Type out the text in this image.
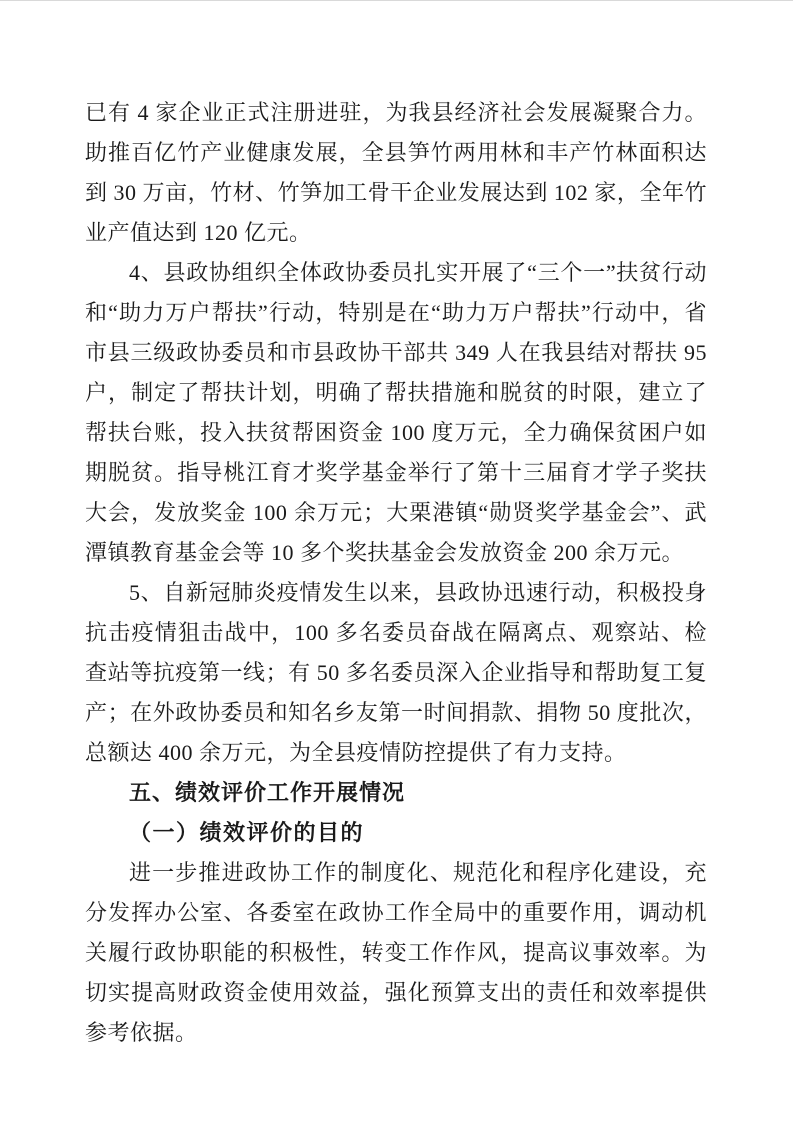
已有 4 家企业正式注册进驻，为我县经济社会发展凝聚合力。助推百亿竹产业健康发展，全县笋竹两用林和丰产竹林面积达到 30 万亩，竹材、竹笋加工骨干企业发展达到 102 家，全年竹业产值达到 120 亿元。

4、县政协组织全体政协委员扎实开展了“三个一”扶贫行动和“助力万户帮扶”行动，特别是在“助力万户帮扶”行动中，省市县三级政协委员和市县政协干部共 349 人在我县结对帮扶 95 户，制定了帮扶计划，明确了帮扶措施和脱贫的时限，建立了帮扶台账，投入扶贫帮困资金 100 度万元，全力确保贫困户如期脱贫。指导桃江育才奖学基金举行了第十三届育才学子奖扶大会，发放奖金 100 余万元；大栗港镇“勋贤奖学基金会”、武潭镇教育基金会等 10 多个奖扶基金会发放资金 200 余万元。

5、自新冠肺炎疫情发生以来，县政协迅速行动，积极投身抗击疫情狙击战中，100 多名委员奋战在隔离点、观察站、检查站等抗疫第一线；有 50 多名委员深入企业指导和帮助复工复产；在外政协委员和知名乡友第一时间捐款、捐物 50 度批次，总额达 400 余万元，为全县疫情防控提供了有力支持。

五、绩效评价工作开展情况
（一）绩效评价的目的

进一步推进政协工作的制度化、规范化和程序化建设，充分发挥办公室、各委室在政协工作全局中的重要作用，调动机关履行政协职能的积极性，转变工作作风，提高议事效率。为切实提高财政资金使用效益，强化预算支出的责任和效率提供参考依据。
